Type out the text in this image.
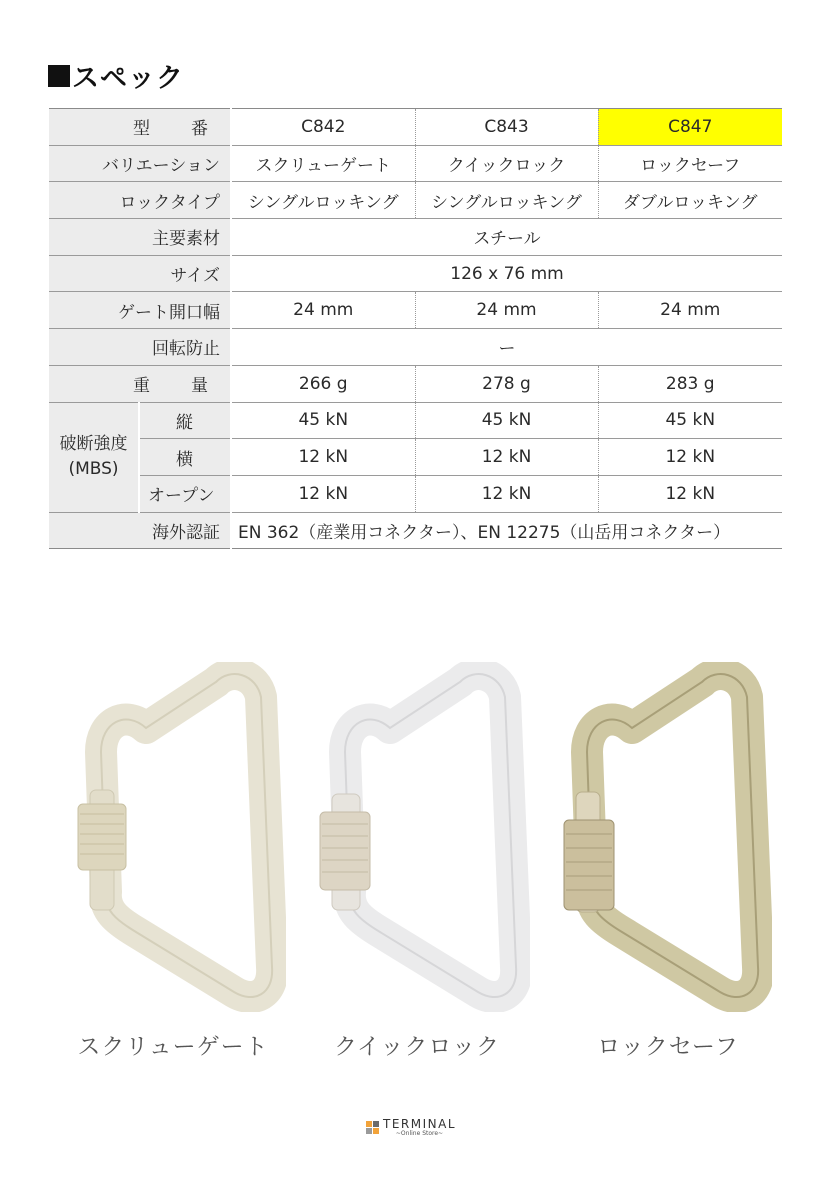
スペック
型　番		C842	C843	C847
バリエーション		スクリューゲート	クイックロック	ロックセーフ
ロックタイプ		シングルロッキング	シングルロッキング	ダブルロッキング
主要素材		スチール		
サイズ		126 x 76 mm		
ゲート開口幅		24 mm	24 mm	24 mm
回転防止		ー		
重　量		266 g	278 g	283 g

破断強度
(MBS)	縦	45 kN	45 kN	45 kN
	横	12 kN	12 kN	12 kN
	オープン	12 kN	12 kN	12 kN
海外認証		EN 362（産業用コネクター）、EN 12275（山岳用コネクター）		
スクリューゲート	クイックロック	ロックセーフ
TERMINAL
~Online Store~
